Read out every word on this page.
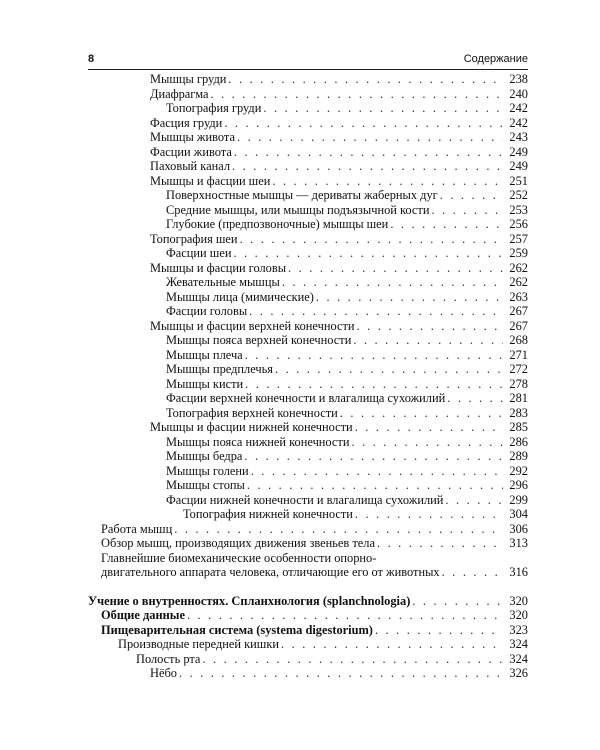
8	Содержание
Мышцы груди . . .	238
Диафрагма . . .	240
Топография груди . . .	242
Фасция груди . . .	242
Мышцы живота . . .	243
Фасции живота . . .	249
Паховый канал . . .	249
Мышцы и фасции шеи . . .	251
Поверхностные мышцы — дериваты жаберных дуг . . .	252
Средние мышцы, или мышцы подъязычной кости . . .	253
Глубокие (предпозвоночные) мышцы шеи . . .	256
Топография шеи . . .	257
Фасции шеи . . .	259
Мышцы и фасции головы . . .	262
Жевательные мышцы . . .	262
Мышцы лица (мимические) . . .	263
Фасции головы . . .	267
Мышцы и фасции верхней конечности . . .	267
Мышцы пояса верхней конечности . . .	268
Мышцы плеча . . .	271
Мышцы предплечья . . .	272
Мышцы кисти . . .	278
Фасции верхней конечности и влагалища сухожилий . . .	281
Топография верхней конечности . . .	283
Мышцы и фасции нижней конечности . . .	285
Мышцы пояса нижней конечности . . .	286
Мышцы бедра . . .	289
Мышцы голени . . .	292
Мышцы стопы . . .	296
Фасции нижней конечности и влагалища сухожилий . . .	299
Топография нижней конечности . . .	304
Работа мышц . . .	306
Обзор мышц, производящих движения звеньев тела . . .	313
Главнейшие биомеханические особенности опорно-
двигательного аппарата человека, отличающие его от животных . . .	316
Учение о внутренностях. Спланхнология (splanchnologia) . . .	320
Общие данные . . .	320
Пищеварительная система (systema digestorium) . . .	323
Производные передней кишки . . .	324
Полость рта . . .	324
Нёбо . . .	326
